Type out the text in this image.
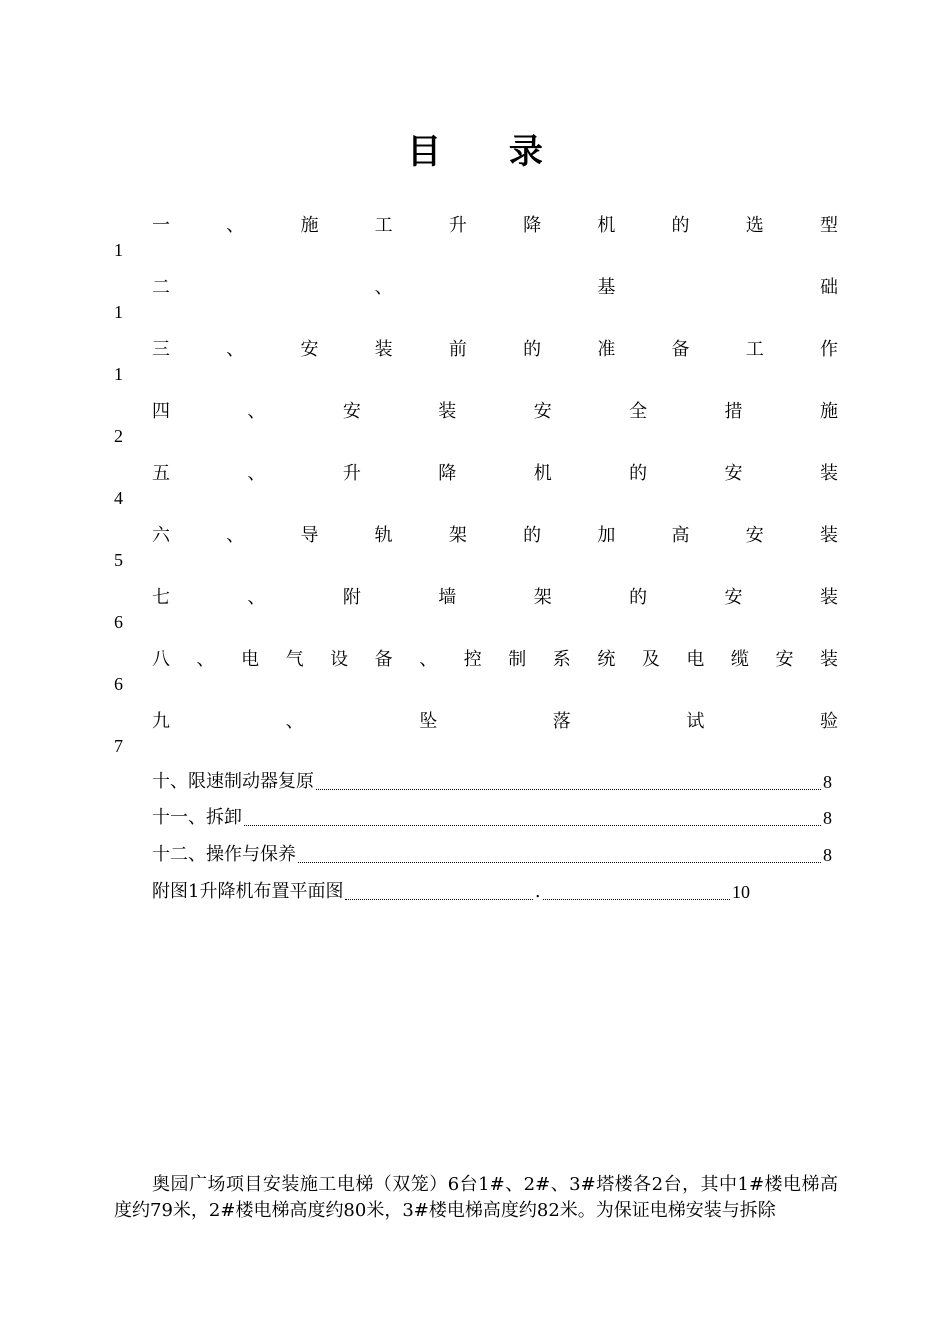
目 录
一	、	施	工	升	降	机	的	选	型
1
二	、	基	础
1
三	、	安	装	前	的	准	备	工	作
1
四	、	安	装	安	全	措	施
2
五	、	升	降	机	的	安	装
4
六	、	导	轨	架	的	加	高	安	装
5
七	、	附	墙	架	的	安	装
6
八 、 电 气 设 备 、 控 制 系 统 及 电 缆 安 装
6
九	、	坠	落	试	验
7
十、限速制动器复原	8
十一、拆卸	8
十二、操作与保养	8
附图1升降机布置平面图	.	10
奥园广场项目安装施工电梯（双笼）6台1#、2#、3#塔楼各2台，其中1#楼电梯高度约79米，2#楼电梯高度约80米，3#楼电梯高度约82米。为保证电梯安装与拆除
